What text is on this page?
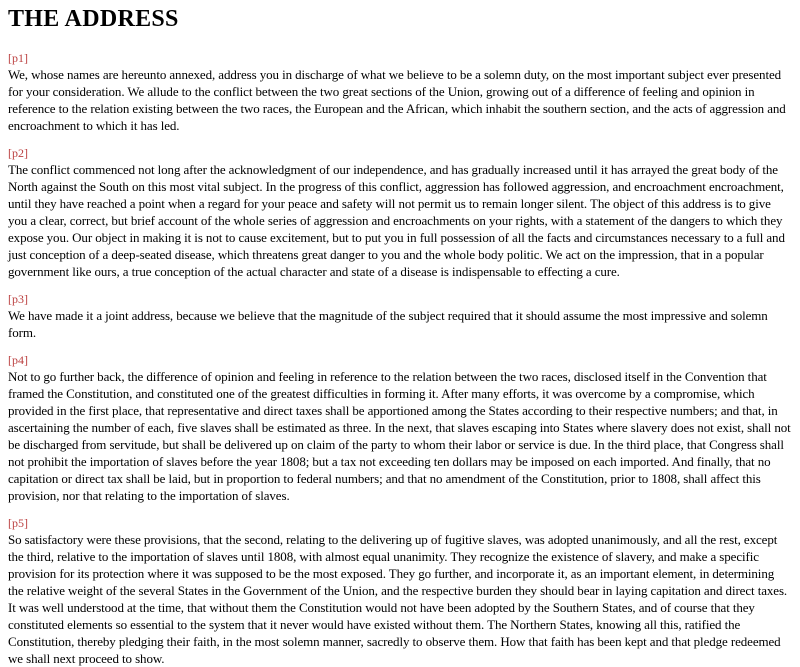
THE ADDRESS
[p1]

We, whose names are hereunto annexed, address you in discharge of what we believe to be a solemn duty, on the most important subject ever presented for your consideration. We allude to the conflict between the two great sections of the Union, growing out of a difference of feeling and opinion in reference to the relation existing between the two races, the European and the African, which inhabit the southern section, and the acts of aggression and encroachment to which it has led.

[p2]

The conflict commenced not long after the acknowledgment of our independence, and has gradually increased until it has arrayed the great body of the North against the South on this most vital subject. In the progress of this conflict, aggression has followed aggression, and encroachment encroachment, until they have reached a point when a regard for your peace and safety will not permit us to remain longer silent. The object of this address is to give you a clear, correct, but brief account of the whole series of aggression and encroachments on your rights, with a statement of the dangers to which they expose you. Our object in making it is not to cause excitement, but to put you in full possession of all the facts and circumstances necessary to a full and just conception of a deep-seated disease, which threatens great danger to you and the whole body politic. We act on the impression, that in a popular government like ours, a true conception of the actual character and state of a disease is indispensable to effecting a cure.

[p3]

We have made it a joint address, because we believe that the magnitude of the subject required that it should assume the most impressive and solemn form.

[p4]

Not to go further back, the difference of opinion and feeling in reference to the relation between the two races, disclosed itself in the Convention that framed the Constitution, and constituted one of the greatest difficulties in forming it. After many efforts, it was overcome by a compromise, which provided in the first place, that representative and direct taxes shall be apportioned among the States according to their respective numbers; and that, in ascertaining the number of each, five slaves shall be estimated as three. In the next, that slaves escaping into States where slavery does not exist, shall not be discharged from servitude, but shall be delivered up on claim of the party to whom their labor or service is due. In the third place, that Congress shall not prohibit the importation of slaves before the year 1808; but a tax not exceeding ten dollars may be imposed on each imported. And finally, that no capitation or direct tax shall be laid, but in proportion to federal numbers; and that no amendment of the Constitution, prior to 1808, shall affect this provision, nor that relating to the importation of slaves.

[p5]

So satisfactory were these provisions, that the second, relating to the delivering up of fugitive slaves, was adopted unanimously, and all the rest, except the third, relative to the importation of slaves until 1808, with almost equal unanimity. They recognize the existence of slavery, and make a specific provision for its protection where it was supposed to be the most exposed. They go further, and incorporate it, as an important element, in determining the relative weight of the several States in the Government of the Union, and the respective burden they should bear in laying capitation and direct taxes. It was well understood at the time, that without them the Constitution would not have been adopted by the Southern States, and of course that they constituted elements so essential to the system that it never would have existed without them. The Northern States, knowing all this, ratified the Constitution, thereby pledging their faith, in the most solemn manner, sacredly to observe them. How that faith has been kept and that pledge redeemed we shall next proceed to show.
